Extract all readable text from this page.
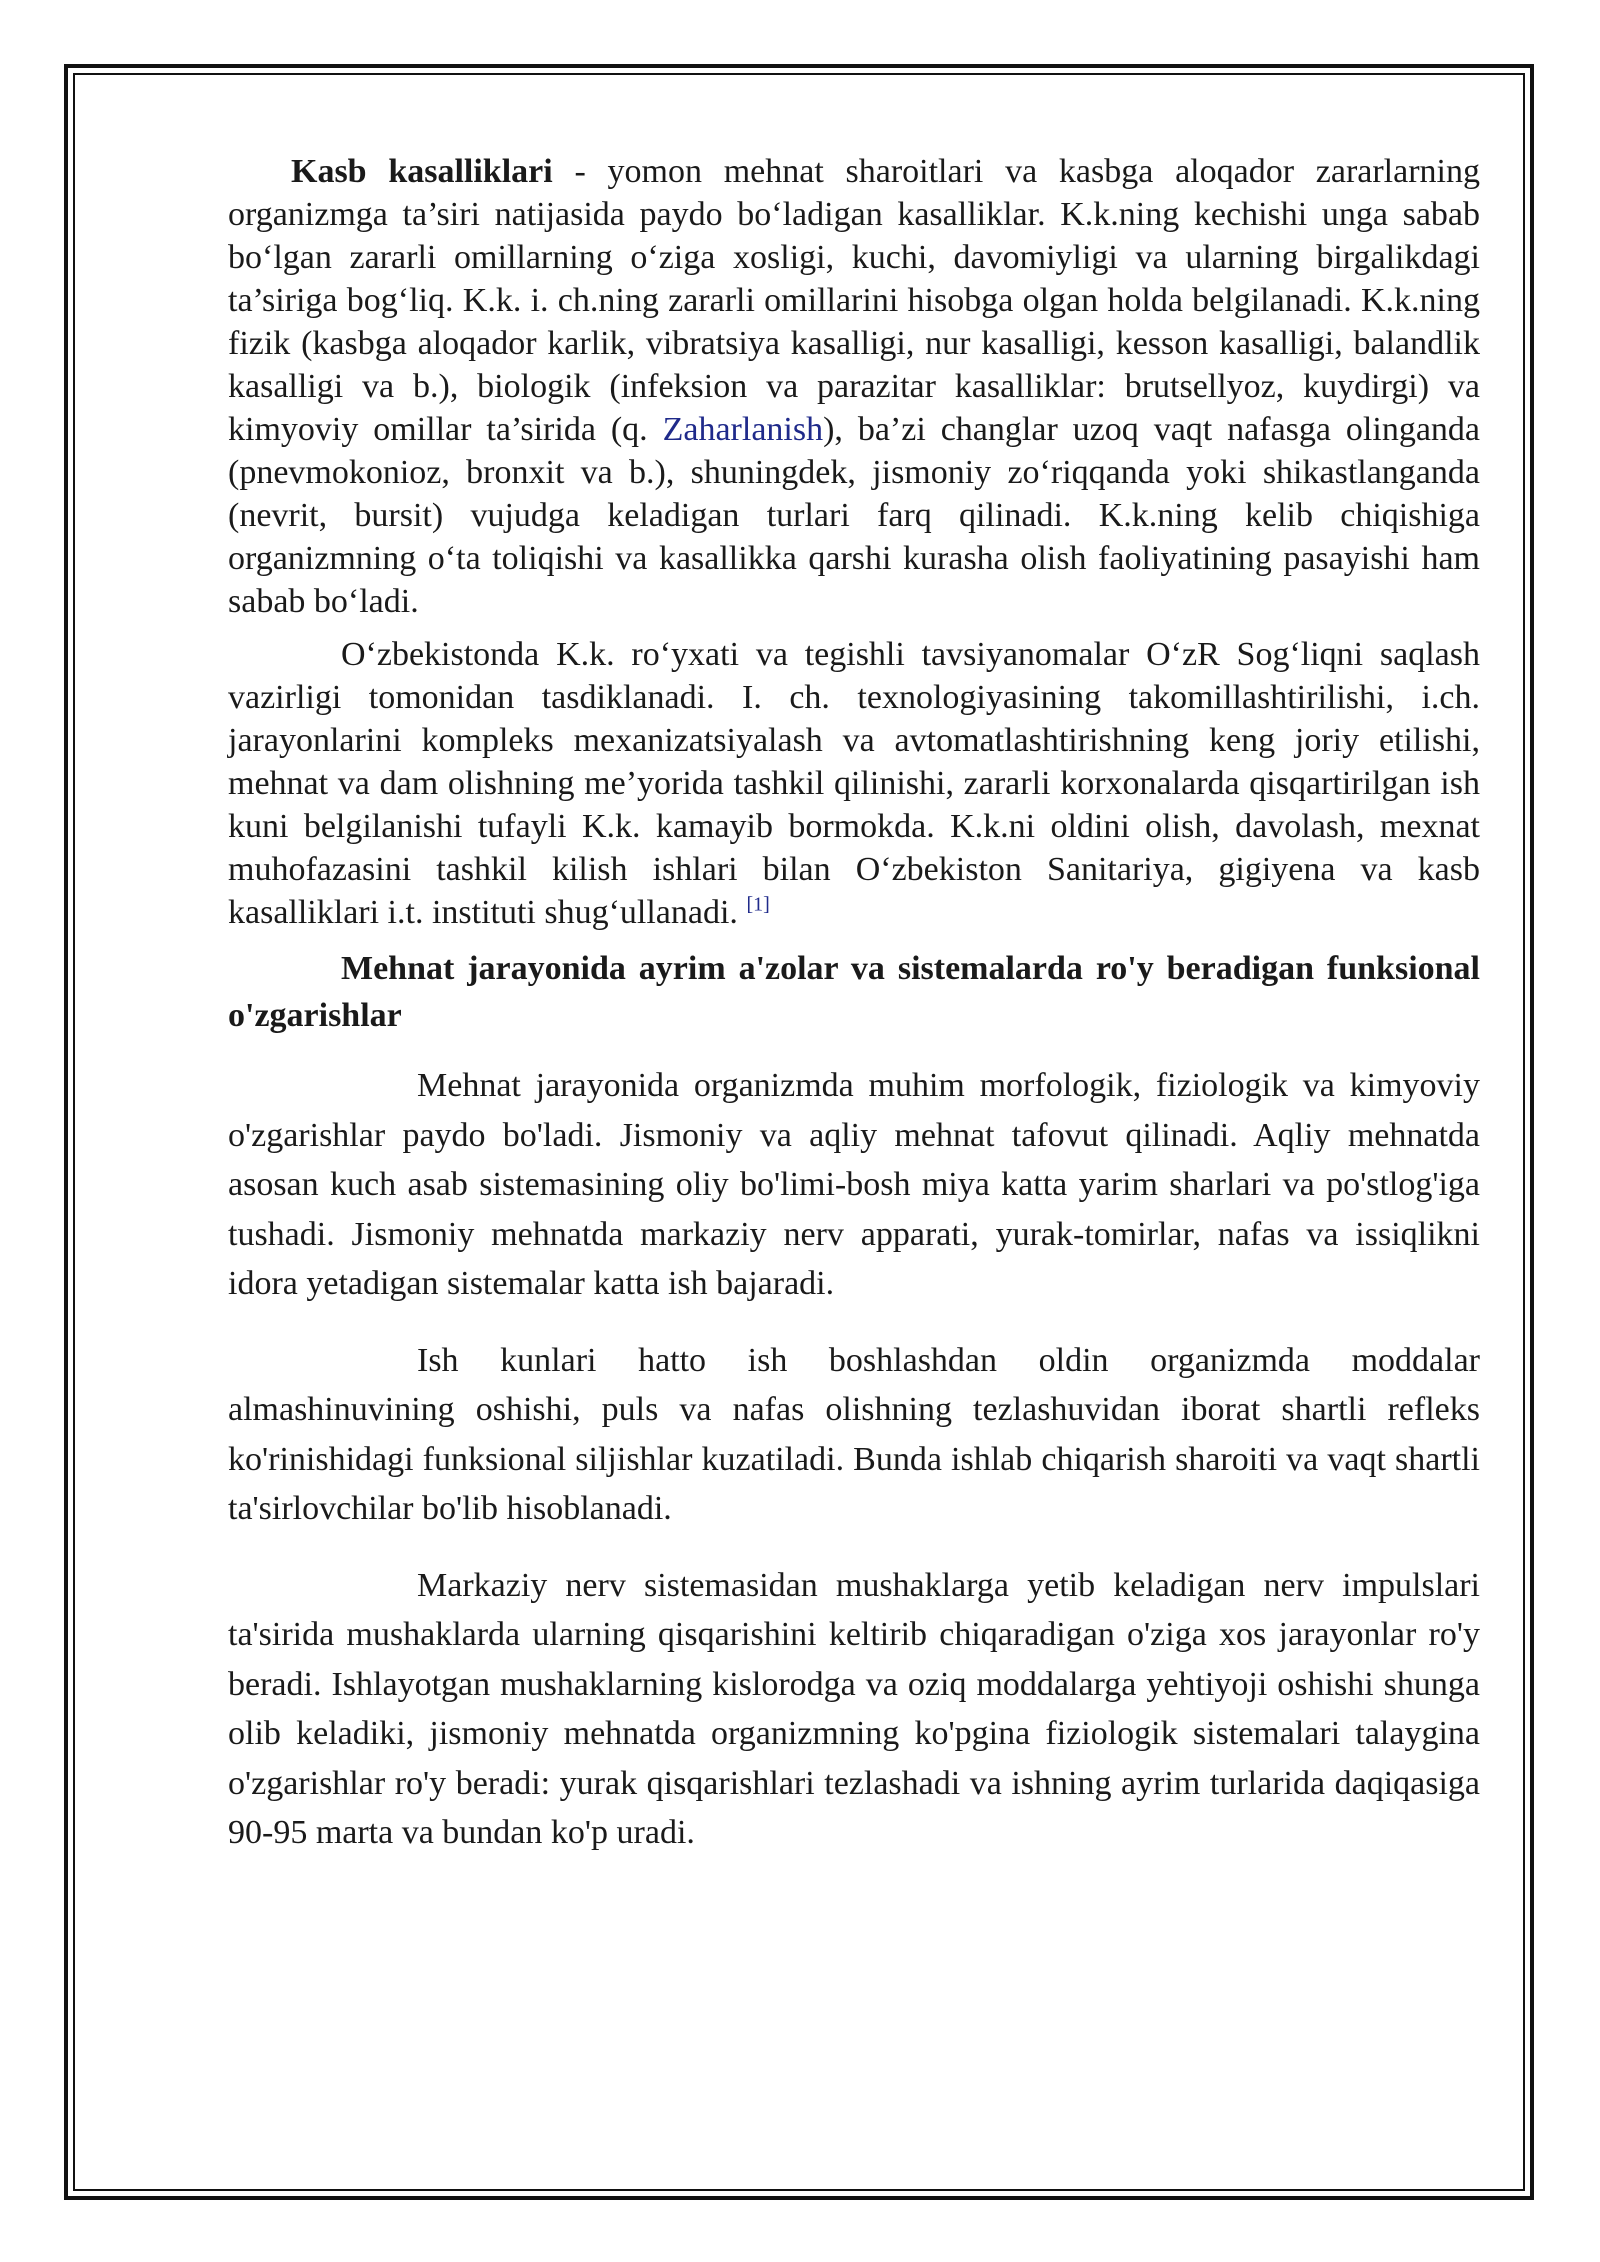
Kasb kasalliklari - yomon mehnat sharoitlari va kasbga aloqador zararlarning organizmga ta’siri natijasida paydo bo‘ladigan kasalliklar. K.k.ning kechishi unga sabab bo‘lgan zararli omillarning o‘ziga xosligi, kuchi, davomiyligi va ularning birgalikdagi ta’siriga bog‘liq. K.k. i. ch.ning zararli omillarini hisobga olgan holda belgilanadi. K.k.ning fizik (kasbga aloqador karlik, vibratsiya kasalligi, nur kasalligi, kesson kasalligi, balandlik kasalligi va b.), biologik (infeksion va parazitar kasalliklar: brutsellyoz, kuydirgi) va kimyoviy omillar ta’sirida (q. Zaharlanish), ba’zi changlar uzoq vaqt nafasga olinganda (pnevmokonioz, bronxit va b.), shuningdek, jismoniy zo‘riqqanda yoki shikastlanganda (nevrit, bursit) vujudga keladigan turlari farq qilinadi. K.k.ning kelib chiqishiga organizmning o‘ta toliqishi va kasallikka qarshi kurasha olish faoliyatining pasayishi ham sabab bo‘ladi.

O‘zbekistonda K.k. ro‘yxati va tegishli tavsiyanomalar O‘zR Sog‘liqni saqlash vazirligi tomonidan tasdiklanadi. I. ch. texnologiyasining takomillashtirilishi, i.ch. jarayonlarini kompleks mexanizatsiyalash va avtomatlashtirishning keng joriy etilishi, mehnat va dam olishning me’yorida tashkil qilinishi, zararli korxonalarda qisqartirilgan ish kuni belgilanishi tufayli K.k. kamayib bormokda. K.k.ni oldini olish, davolash, mexnat muhofazasini tashkil kilish ishlari bilan O‘zbekiston Sanitariya, gigiyena va kasb kasalliklari i.t. instituti shug‘ullanadi. [1]

Mehnat jarayonida ayrim a'zolar va sistemalarda ro'y beradigan funksional o'zgarishlar

Mehnat jarayonida organizmda muhim morfologik, fiziologik va kimyoviy o'zgarishlar paydo bo'ladi. Jismoniy va aqliy mehnat tafovut qilinadi. Aqliy mehnatda asosan kuch asab sistemasining oliy bo'limi-bosh miya katta yarim sharlari va po'stlog'iga tushadi. Jismoniy mehnatda markaziy nerv apparati, yurak-tomirlar, nafas va issiqlikni idora yetadigan sistemalar katta ish bajaradi.

Ish kunlari hatto ish boshlashdan oldin organizmda moddalar almashinuvining oshishi, puls va nafas olishning tezlashuvidan iborat shartli refleks ko'rinishidagi funksional siljishlar kuzatiladi. Bunda ishlab chiqarish sharoiti va vaqt shartli ta'sirlovchilar bo'lib hisoblanadi.

Markaziy nerv sistemasidan mushaklarga yetib keladigan nerv impulslari ta'sirida mushaklarda ularning qisqarishini keltirib chiqaradigan o'ziga xos jarayonlar ro'y beradi. Ishlayotgan mushaklarning kislorodga va oziq moddalarga yehtiyoji oshishi shunga olib keladiki, jismoniy mehnatda organizmning ko'pgina fiziologik sistemalari talaygina o'zgarishlar ro'y beradi: yurak qisqarishlari tezlashadi va ishning ayrim turlarida daqiqasiga 90-95 marta va bundan ko'p uradi.
